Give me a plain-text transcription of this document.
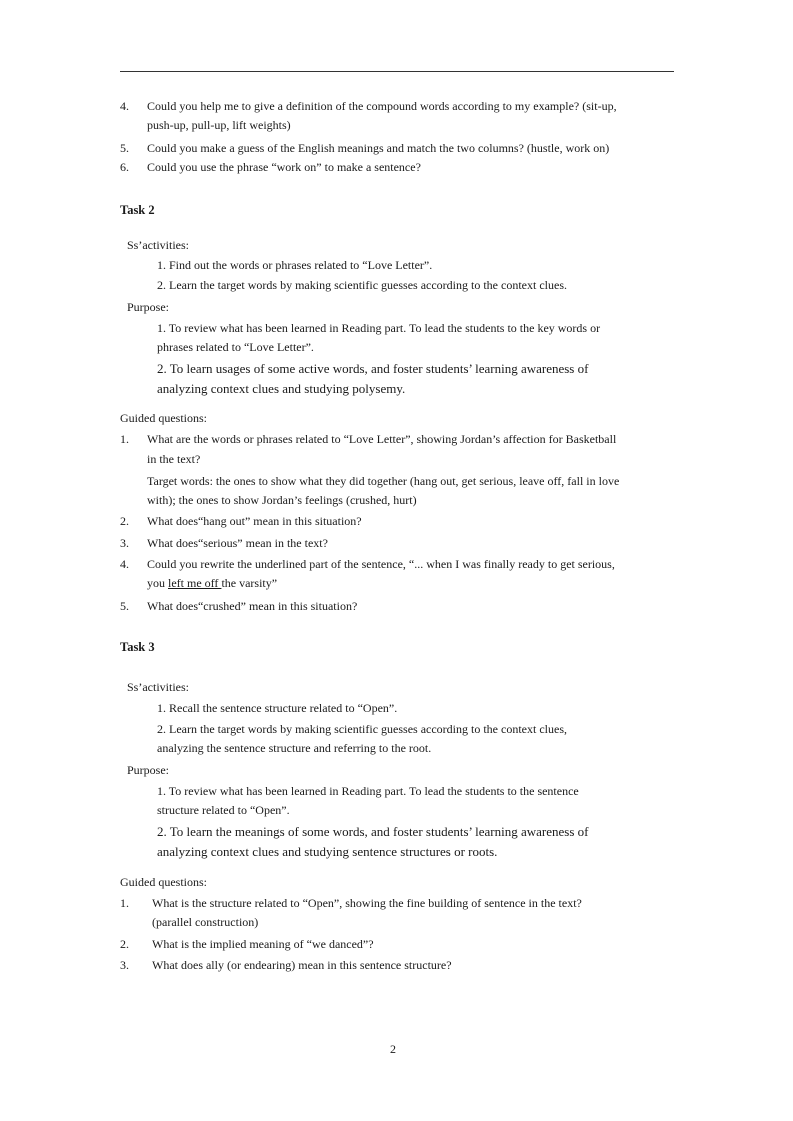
4. Could you help me to give a definition of the compound words according to my example? (sit-up,
push-up, pull-up, lift weights)
5. Could you make a guess of the English meanings and match the two columns? (hustle, work on)
6. Could you use the phrase “work on” to make a sentence?
Task 2
Ss’activities:
1. Find out the words or phrases related to “Love Letter”.
2. Learn the target words by making scientific guesses according to the context clues.
Purpose:
1. To review what has been learned in Reading part. To lead the students to the key words or
phrases related to “Love Letter”.
2. To learn usages of some active words, and foster students’ learning awareness of
analyzing context clues and studying polysemy.
Guided questions:
1. What are the words or phrases related to “Love Letter”, showing Jordan’s affection for Basketball
in the text?
Target words: the ones to show what they did together (hang out, get serious, leave off, fall in love
with); the ones to show Jordan’s feelings (crushed, hurt)
2. What does“hang out” mean in this situation?
3. What does“serious” mean in the text?
4. Could you rewrite the underlined part of the sentence, “... when I was finally ready to get serious,
you left me off the varsity”
5. What does“crushed” mean in this situation?
Task 3
Ss’activities:
1. Recall the sentence structure related to “Open”.
2. Learn the target words by making scientific guesses according to the context clues,
analyzing the sentence structure and referring to the root.
Purpose:
1. To review what has been learned in Reading part. To lead the students to the sentence
structure related to “Open”.
2. To learn the meanings of some words, and foster students’ learning awareness of
analyzing context clues and studying sentence structures or roots.
Guided questions:
1. What is the structure related to “Open”, showing the fine building of sentence in the text?
(parallel construction)
2. What is the implied meaning of “we danced”?
3. What does ally (or endearing) mean in this sentence structure?
2
